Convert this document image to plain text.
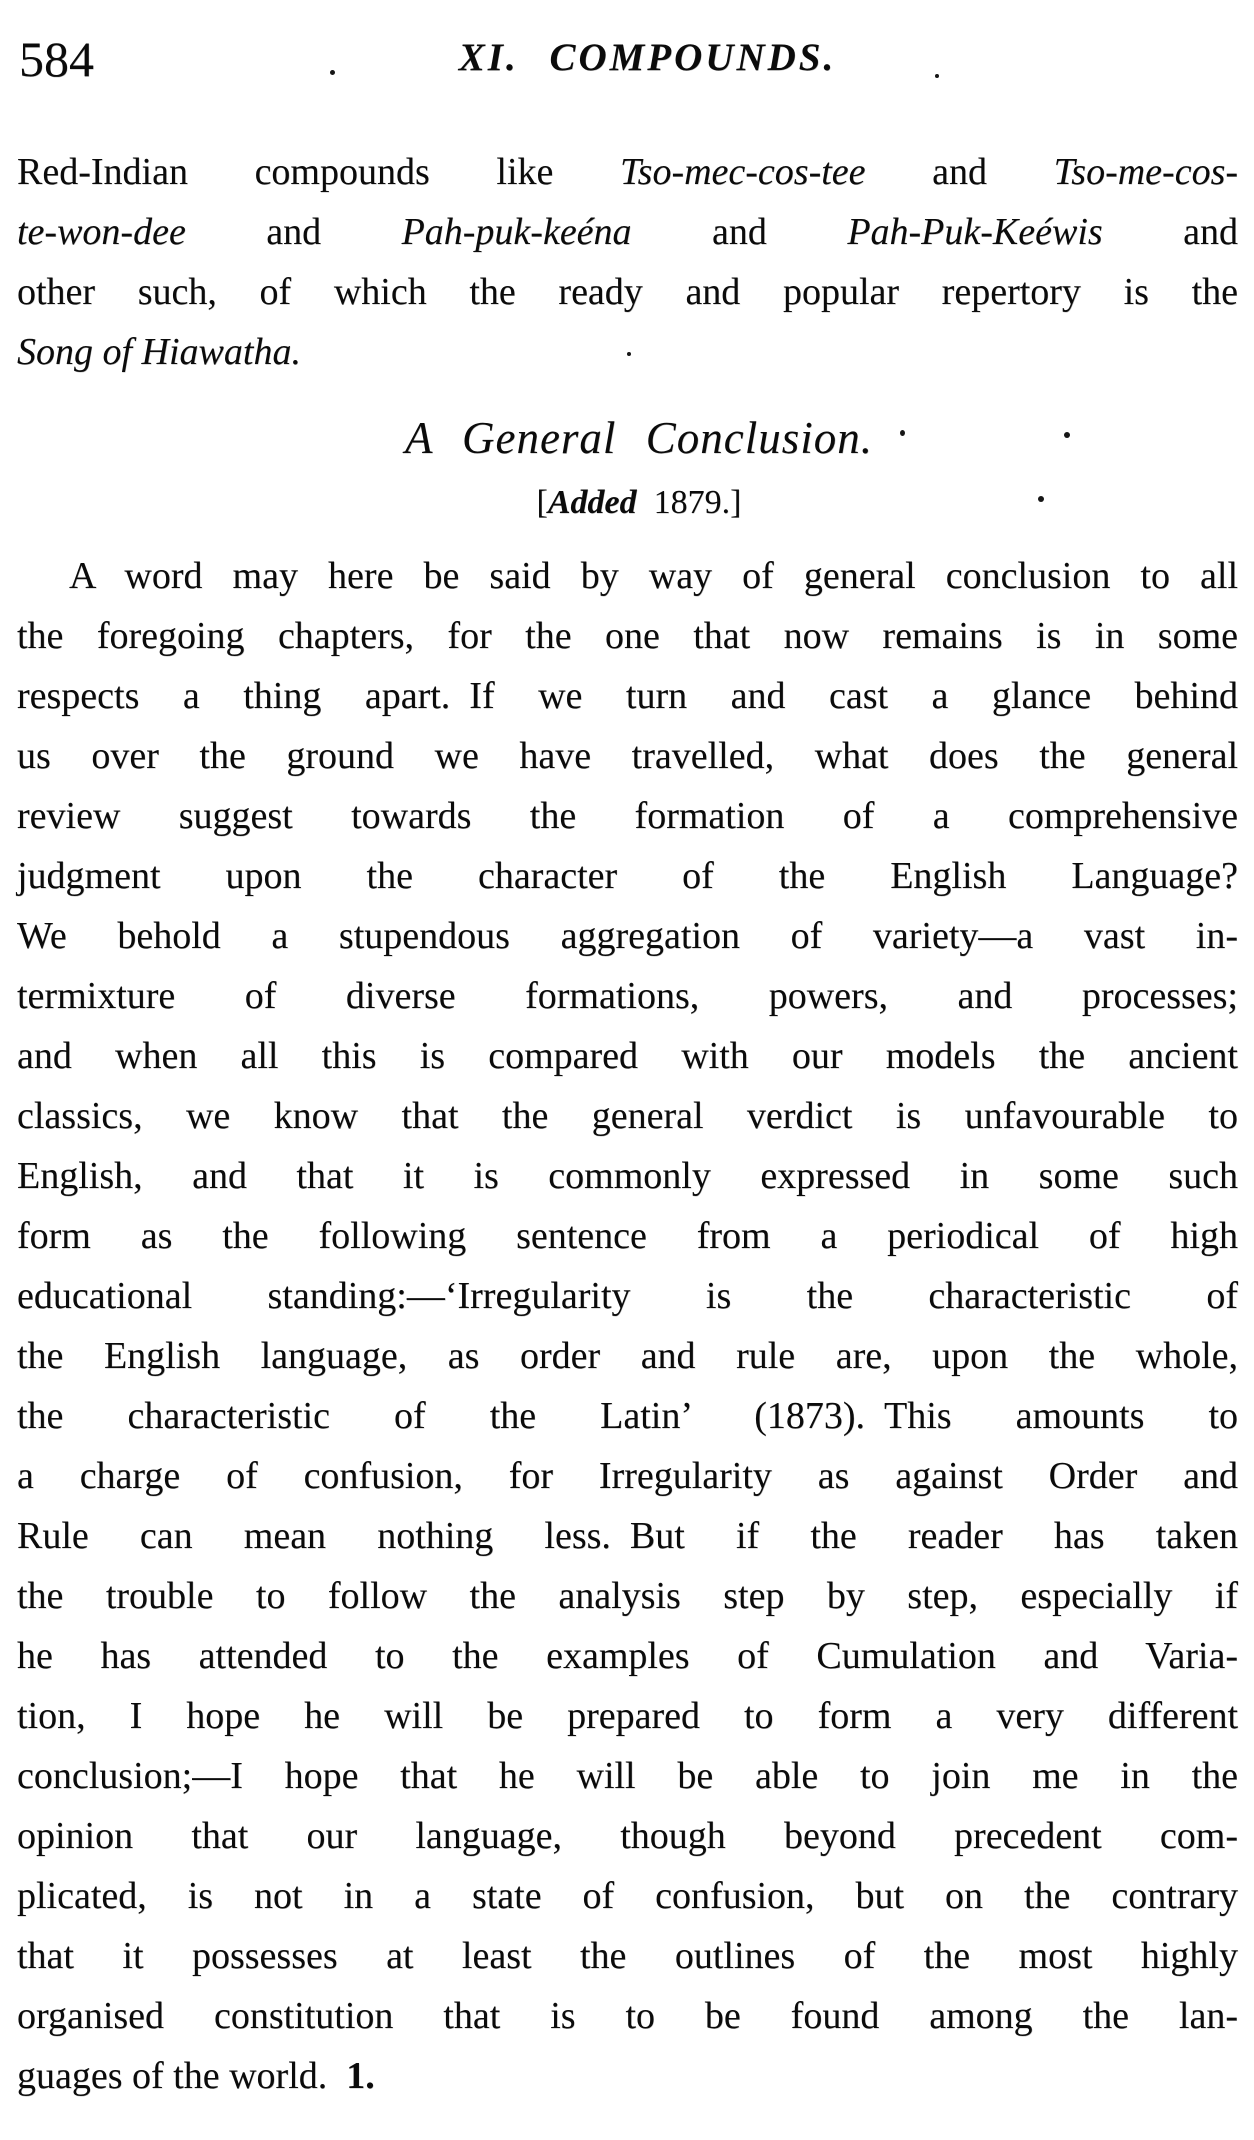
584	XI. COMPOUNDS.
Red-Indian compounds like Tso-mec-cos-tee and Tso-me-cos-
te-won-dee and Pah-puk-keéna and Pah-Puk-Keéwis and
other such, of which the ready and popular repertory is the
Song of Hiawatha.
A General Conclusion.
[Added 1879.]
A word may here be said by way of general conclusion to all
the foregoing chapters, for the one that now remains is in some
respects a thing apart. If we turn and cast a glance behind
us over the ground we have travelled, what does the general
review suggest towards the formation of a comprehensive
judgment upon the character of the English Language?
We behold a stupendous aggregation of variety—a vast in-
termixture of diverse formations, powers, and processes;
and when all this is compared with our models the ancient
classics, we know that the general verdict is unfavourable to
English, and that it is commonly expressed in some such
form as the following sentence from a periodical of high
educational standing:—‘Irregularity is the characteristic of
the English language, as order and rule are, upon the whole,
the characteristic of the Latin’ (1873). This amounts to
a charge of confusion, for Irregularity as against Order and
Rule can mean nothing less. But if the reader has taken
the trouble to follow the analysis step by step, especially if
he has attended to the examples of Cumulation and Varia-
tion, I hope he will be prepared to form a very different
conclusion;—I hope that he will be able to join me in the
opinion that our language, though beyond precedent com-
plicated, is not in a state of confusion, but on the contrary
that it possesses at least the outlines of the most highly
organised constitution that is to be found among the lan-
guages of the world. 1.
